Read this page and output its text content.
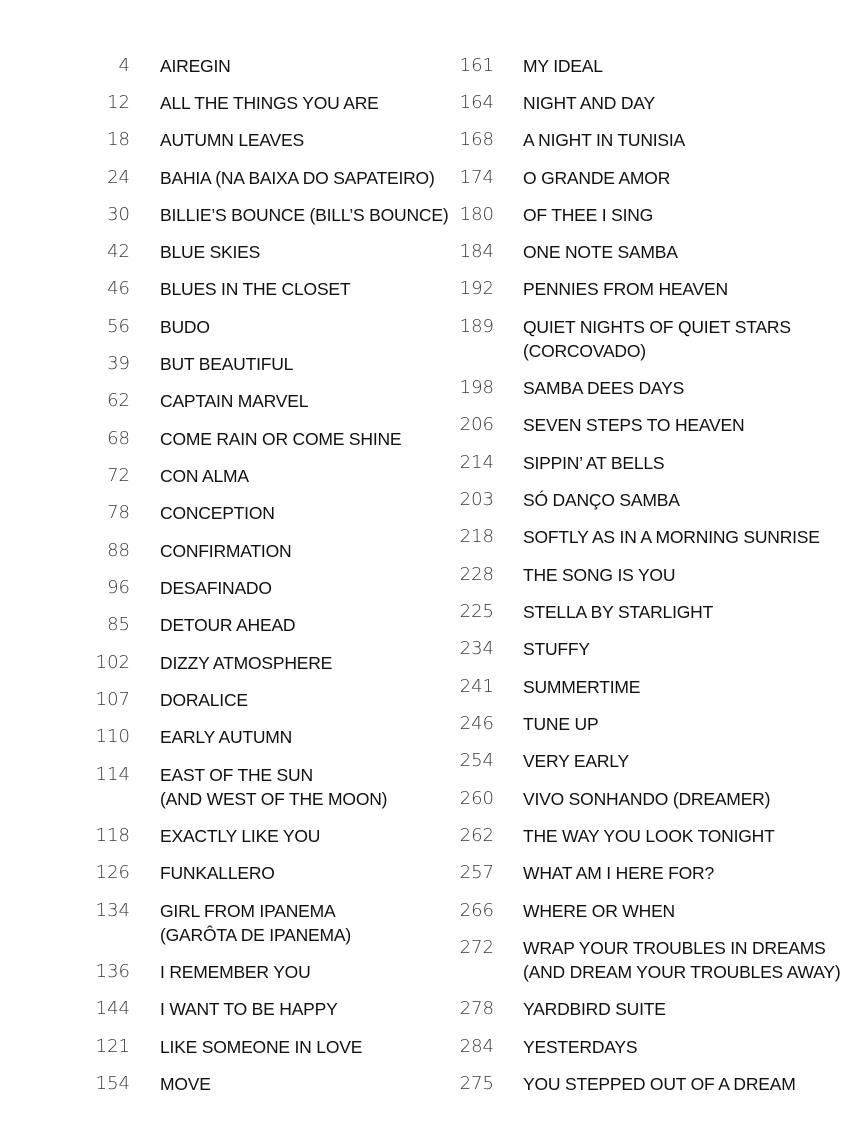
4 AIREGIN
12 ALL THE THINGS YOU ARE
18 AUTUMN LEAVES
24 BAHIA (NA BAIXA DO SAPATEIRO)
30 BILLIE’S BOUNCE (BILL’S BOUNCE)
42 BLUE SKIES
46 BLUES IN THE CLOSET
56 BUDO
39 BUT BEAUTIFUL
62 CAPTAIN MARVEL
68 COME RAIN OR COME SHINE
72 CON ALMA
78 CONCEPTION
88 CONFIRMATION
96 DESAFINADO
85 DETOUR AHEAD
102 DIZZY ATMOSPHERE
107 DORALICE
110 EARLY AUTUMN
114 EAST OF THE SUN
(AND WEST OF THE MOON)
118 EXACTLY LIKE YOU
126 FUNKALLERO
134 GIRL FROM IPANEMA
(GARÔTA DE IPANEMA)
136 I REMEMBER YOU
144 I WANT TO BE HAPPY
121 LIKE SOMEONE IN LOVE
154 MOVE
161 MY IDEAL
164 NIGHT AND DAY
168 A NIGHT IN TUNISIA
174 O GRANDE AMOR
180 OF THEE I SING
184 ONE NOTE SAMBA
192 PENNIES FROM HEAVEN
189 QUIET NIGHTS OF QUIET STARS
(CORCOVADO)
198 SAMBA DEES DAYS
206 SEVEN STEPS TO HEAVEN
214 SIPPIN’ AT BELLS
203 SÓ DANÇO SAMBA
218 SOFTLY AS IN A MORNING SUNRISE
228 THE SONG IS YOU
225 STELLA BY STARLIGHT
234 STUFFY
241 SUMMERTIME
246 TUNE UP
254 VERY EARLY
260 VIVO SONHANDO (DREAMER)
262 THE WAY YOU LOOK TONIGHT
257 WHAT AM I HERE FOR?
266 WHERE OR WHEN
272 WRAP YOUR TROUBLES IN DREAMS
(AND DREAM YOUR TROUBLES AWAY)
278 YARDBIRD SUITE
284 YESTERDAYS
275 YOU STEPPED OUT OF A DREAM
